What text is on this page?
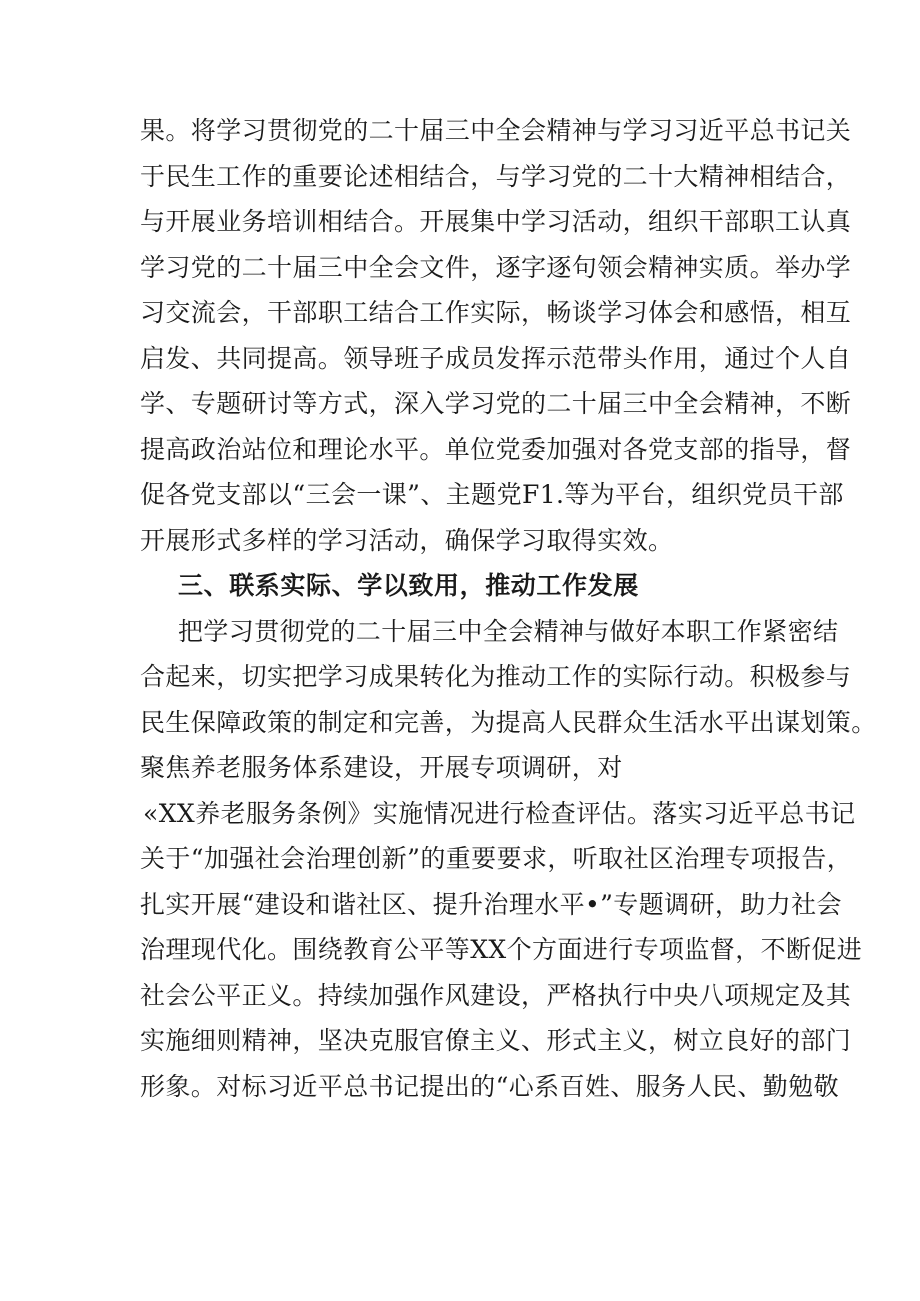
果。将学习贯彻党的二十届三中全会精神与学习习近平总书记关
于民生工作的重要论述相结合，与学习党的二十大精神相结合，
与开展业务培训相结合。开展集中学习活动，组织干部职工认真
学习党的二十届三中全会文件，逐字逐句领会精神实质。举办学
习交流会，干部职工结合工作实际，畅谈学习体会和感悟，相互
启发、共同提高。领导班子成员发挥示范带头作用，通过个人自
学、专题研讨等方式，深入学习党的二十届三中全会精神，不断
提高政治站位和理论水平。单位党委加强对各党支部的指导，督
促各党支部以“三会一课”、主题党F1.等为平台，组织党员干部
开展形式多样的学习活动，确保学习取得实效。
三、联系实际、学以致用，推动工作发展
把学习贯彻党的二十届三中全会精神与做好本职工作紧密结
合起来，切实把学习成果转化为推动工作的实际行动。积极参与
民生保障政策的制定和完善，为提高人民群众生活水平出谋划策。
聚焦养老服务体系建设，开展专项调研，对
«XX养老服务条例》实施情况进行检查评估。落实习近平总书记
关于“加强社会治理创新”的重要要求，听取社区治理专项报告，
扎实开展“建设和谐社区、提升治理水平•”专题调研，助力社会
治理现代化。围绕教育公平等XX个方面进行专项监督，不断促进
社会公平正义。持续加强作风建设，严格执行中央八项规定及其
实施细则精神，坚决克服官僚主义、形式主义，树立良好的部门
形象。对标习近平总书记提出的“心系百姓、服务人民、勤勉敬
